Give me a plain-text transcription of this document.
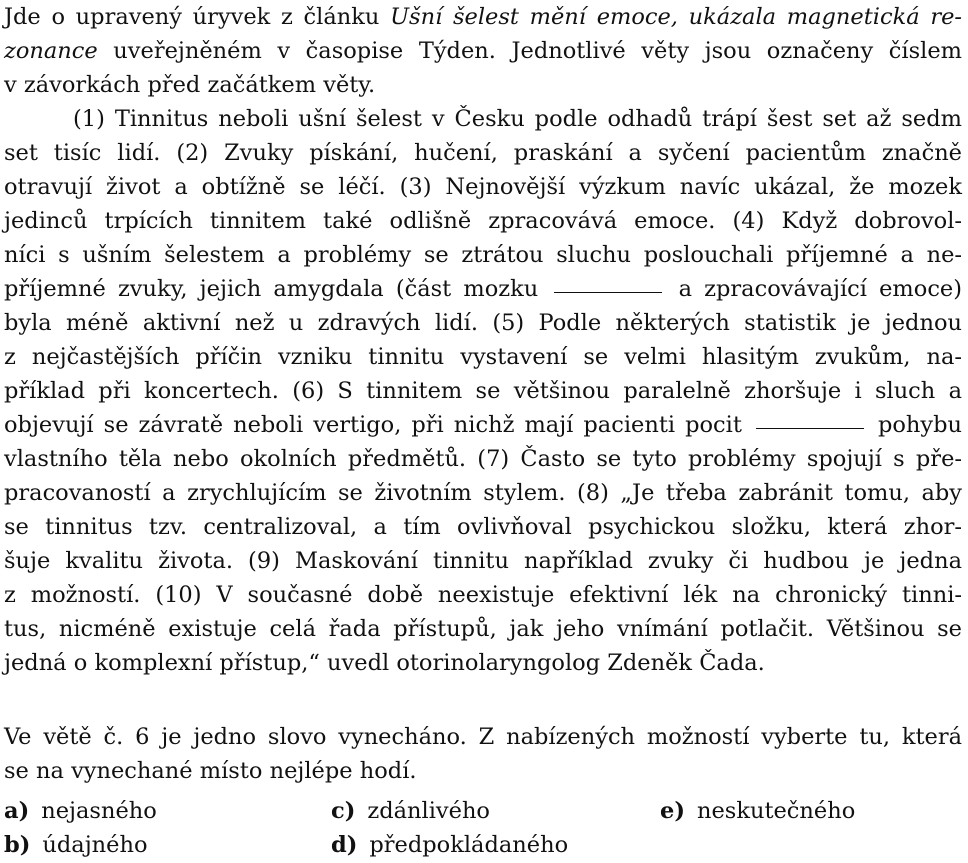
Jde o upravený úryvek z článku Ušní šelest mění emoce, ukázala magnetická re-
zonance uveřejněném v časopise Týden. Jednotlivé věty jsou označeny číslem
v závorkách před začátkem věty.
(1) Tinnitus neboli ušní šelest v Česku podle odhadů trápí šest set až sedm
set tisíc lidí. (2) Zvuky pískání, hučení, praskání a syčení pacientům značně
otravují život a obtížně se léčí. (3) Nejnovější výzkum navíc ukázal, že mozek
jedinců trpících tinnitem také odlišně zpracovává emoce. (4) Když dobrovol-
níci s ušním šelestem a problémy se ztrátou sluchu poslouchali příjemné a ne-
příjemné zvuky, jejich amygdala (část mozku	a zpracovávající emoce)
byla méně aktivní než u zdravých lidí. (5) Podle některých statistik je jednou
z nejčastějších příčin vzniku tinnitu vystavení se velmi hlasitým zvukům, na-
příklad při koncertech. (6) S tinnitem se většinou paralelně zhoršuje i sluch a
objevují se závratě neboli vertigo, při nichž mají pacienti pocit	pohybu
vlastního těla nebo okolních předmětů. (7) Často se tyto problémy spojují s pře-
pracovaností a zrychlujícím se životním stylem. (8) „Je třeba zabránit tomu, aby
se tinnitus tzv. centralizoval, a tím ovlivňoval psychickou složku, která zhor-
šuje kvalitu života. (9) Maskování tinnitu například zvuky či hudbou je jedna
z možností. (10) V současné době neexistuje efektivní lék na chronický tinni-
tus, nicméně existuje celá řada přístupů, jak jeho vnímání potlačit. Většinou se
jedná o komplexní přístup,“ uvedl otorinolaryngolog Zdeněk Čada.
Ve větě č. 6 je jedno slovo vynecháno. Z nabízených možností vyberte tu, která
se na vynechané místo nejlépe hodí.
a) nejasného	c) zdánlivého	e) neskutečného
b) údajného	d) předpokládaného
